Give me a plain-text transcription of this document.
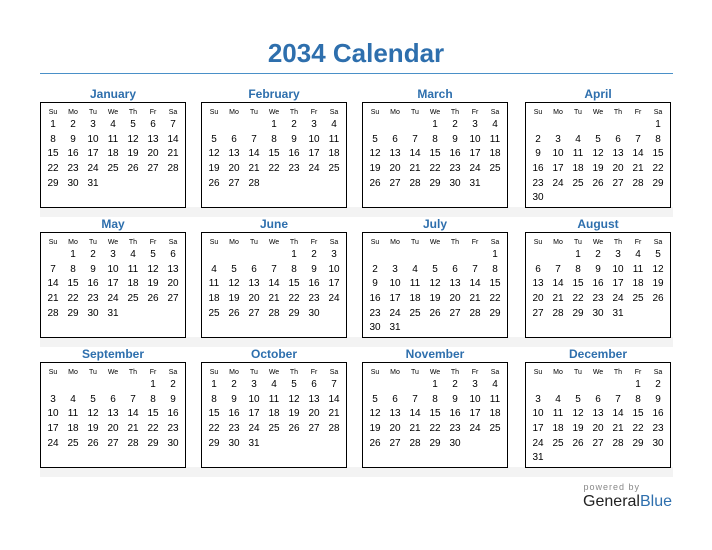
2034 Calendar
January
Su	Mo	Tu	We	Th	Fr	Sa
1	2	3	4	5	6	7
8	9	10	11	12	13	14
15	16	17	18	19	20	21
22	23	24	25	26	27	28
29	30	31				

February
Su	Mo	Tu	We	Th	Fr	Sa
			1	2	3	4
5	6	7	8	9	10	11
12	13	14	15	16	17	18
19	20	21	22	23	24	25
26	27	28				

March
Su	Mo	Tu	We	Th	Fr	Sa
			1	2	3	4
5	6	7	8	9	10	11
12	13	14	15	16	17	18
19	20	21	22	23	24	25
26	27	28	29	30	31	

April
Su	Mo	Tu	We	Th	Fr	Sa
						1
2	3	4	5	6	7	8
9	10	11	12	13	14	15
16	17	18	19	20	21	22
23	24	25	26	27	28	29
30						
May
Su	Mo	Tu	We	Th	Fr	Sa
	1	2	3	4	5	6
7	8	9	10	11	12	13
14	15	16	17	18	19	20
21	22	23	24	25	26	27
28	29	30	31			

June
Su	Mo	Tu	We	Th	Fr	Sa
				1	2	3
4	5	6	7	8	9	10
11	12	13	14	15	16	17
18	19	20	21	22	23	24
25	26	27	28	29	30	

July
Su	Mo	Tu	We	Th	Fr	Sa
						1
2	3	4	5	6	7	8
9	10	11	12	13	14	15
16	17	18	19	20	21	22
23	24	25	26	27	28	29
30	31					
August
Su	Mo	Tu	We	Th	Fr	Sa
		1	2	3	4	5
6	7	8	9	10	11	12
13	14	15	16	17	18	19
20	21	22	23	24	25	26
27	28	29	30	31		

September
Su	Mo	Tu	We	Th	Fr	Sa
					1	2
3	4	5	6	7	8	9
10	11	12	13	14	15	16
17	18	19	20	21	22	23
24	25	26	27	28	29	30

October
Su	Mo	Tu	We	Th	Fr	Sa
1	2	3	4	5	6	7
8	9	10	11	12	13	14
15	16	17	18	19	20	21
22	23	24	25	26	27	28
29	30	31				

November
Su	Mo	Tu	We	Th	Fr	Sa
			1	2	3	4
5	6	7	8	9	10	11
12	13	14	15	16	17	18
19	20	21	22	23	24	25
26	27	28	29	30		

December
Su	Mo	Tu	We	Th	Fr	Sa
					1	2
3	4	5	6	7	8	9
10	11	12	13	14	15	16
17	18	19	20	21	22	23
24	25	26	27	28	29	30
31						
powered by
GeneralBlue
